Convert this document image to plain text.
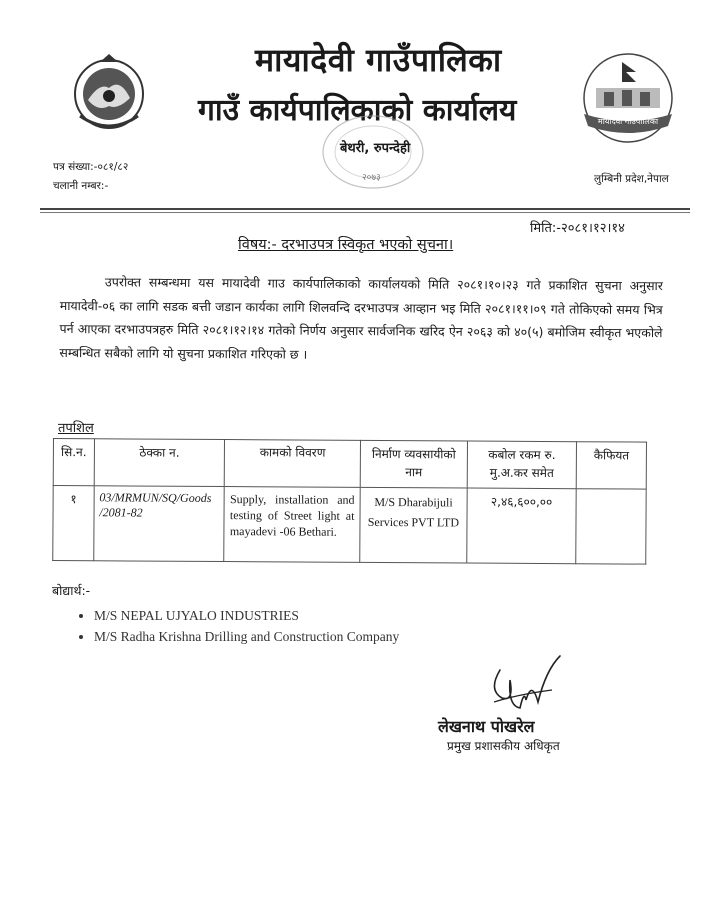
मायादेवी गाउँपालिका
मायादेवी गाउँपालिका
गाउँ कार्यपालिकाको कार्यालय
२०७३
बेथरी, रुपन्देही
पत्र संख्या:-०८१/८२
चलानी नम्बर:-
लुम्बिनी प्रदेश,नेपाल
मिति:-२०८१।१२।१४
विषय:- दरभाउपत्र स्विकृत भएको सुचना।
उपरोक्त सम्बन्धमा यस मायादेवी गाउ कार्यपालिकाको कार्यालयको मिति २०८१।१०।२३ गते प्रकाशित सुचना अनुसार मायादेवी-०६ का लागि सडक बत्ती जडान कार्यका लागि शिलवन्दि दरभाउपत्र आव्हान भइ मिति २०८१।११।०९ गते तोकिएको समय भित्र पर्न आएका दरभाउपत्रहरु मिति २०८१।१२।१४ गतेको निर्णय अनुसार सार्वजनिक खरिद ऐन २०६३ को ४०(५) बमोजिम स्वीकृत भएकोले सम्बन्धित सबैको लागि यो सुचना प्रकाशित गरिएको छ ।
तपशिल
सि.न.	ठेक्का न.	कामको विवरण	निर्माण व्यवसायीको नाम	कबोल रकम रु. मु.अ.कर समेत	कैफियत
१	03/MRMUN/SQ/Goods /2081-82	Supply, installation and testing of Street light at mayadevi -06 Bethari.	M/S Dharabijuli Services PVT LTD	२,४६,६००,००	
बोद्यार्थ:-
• M/S NEPAL UJYALO INDUSTRIES
• M/S Radha Krishna Drilling and Construction Company
लेखनाथ पोखरेल
प्रमुख प्रशासकीय अधिकृत
